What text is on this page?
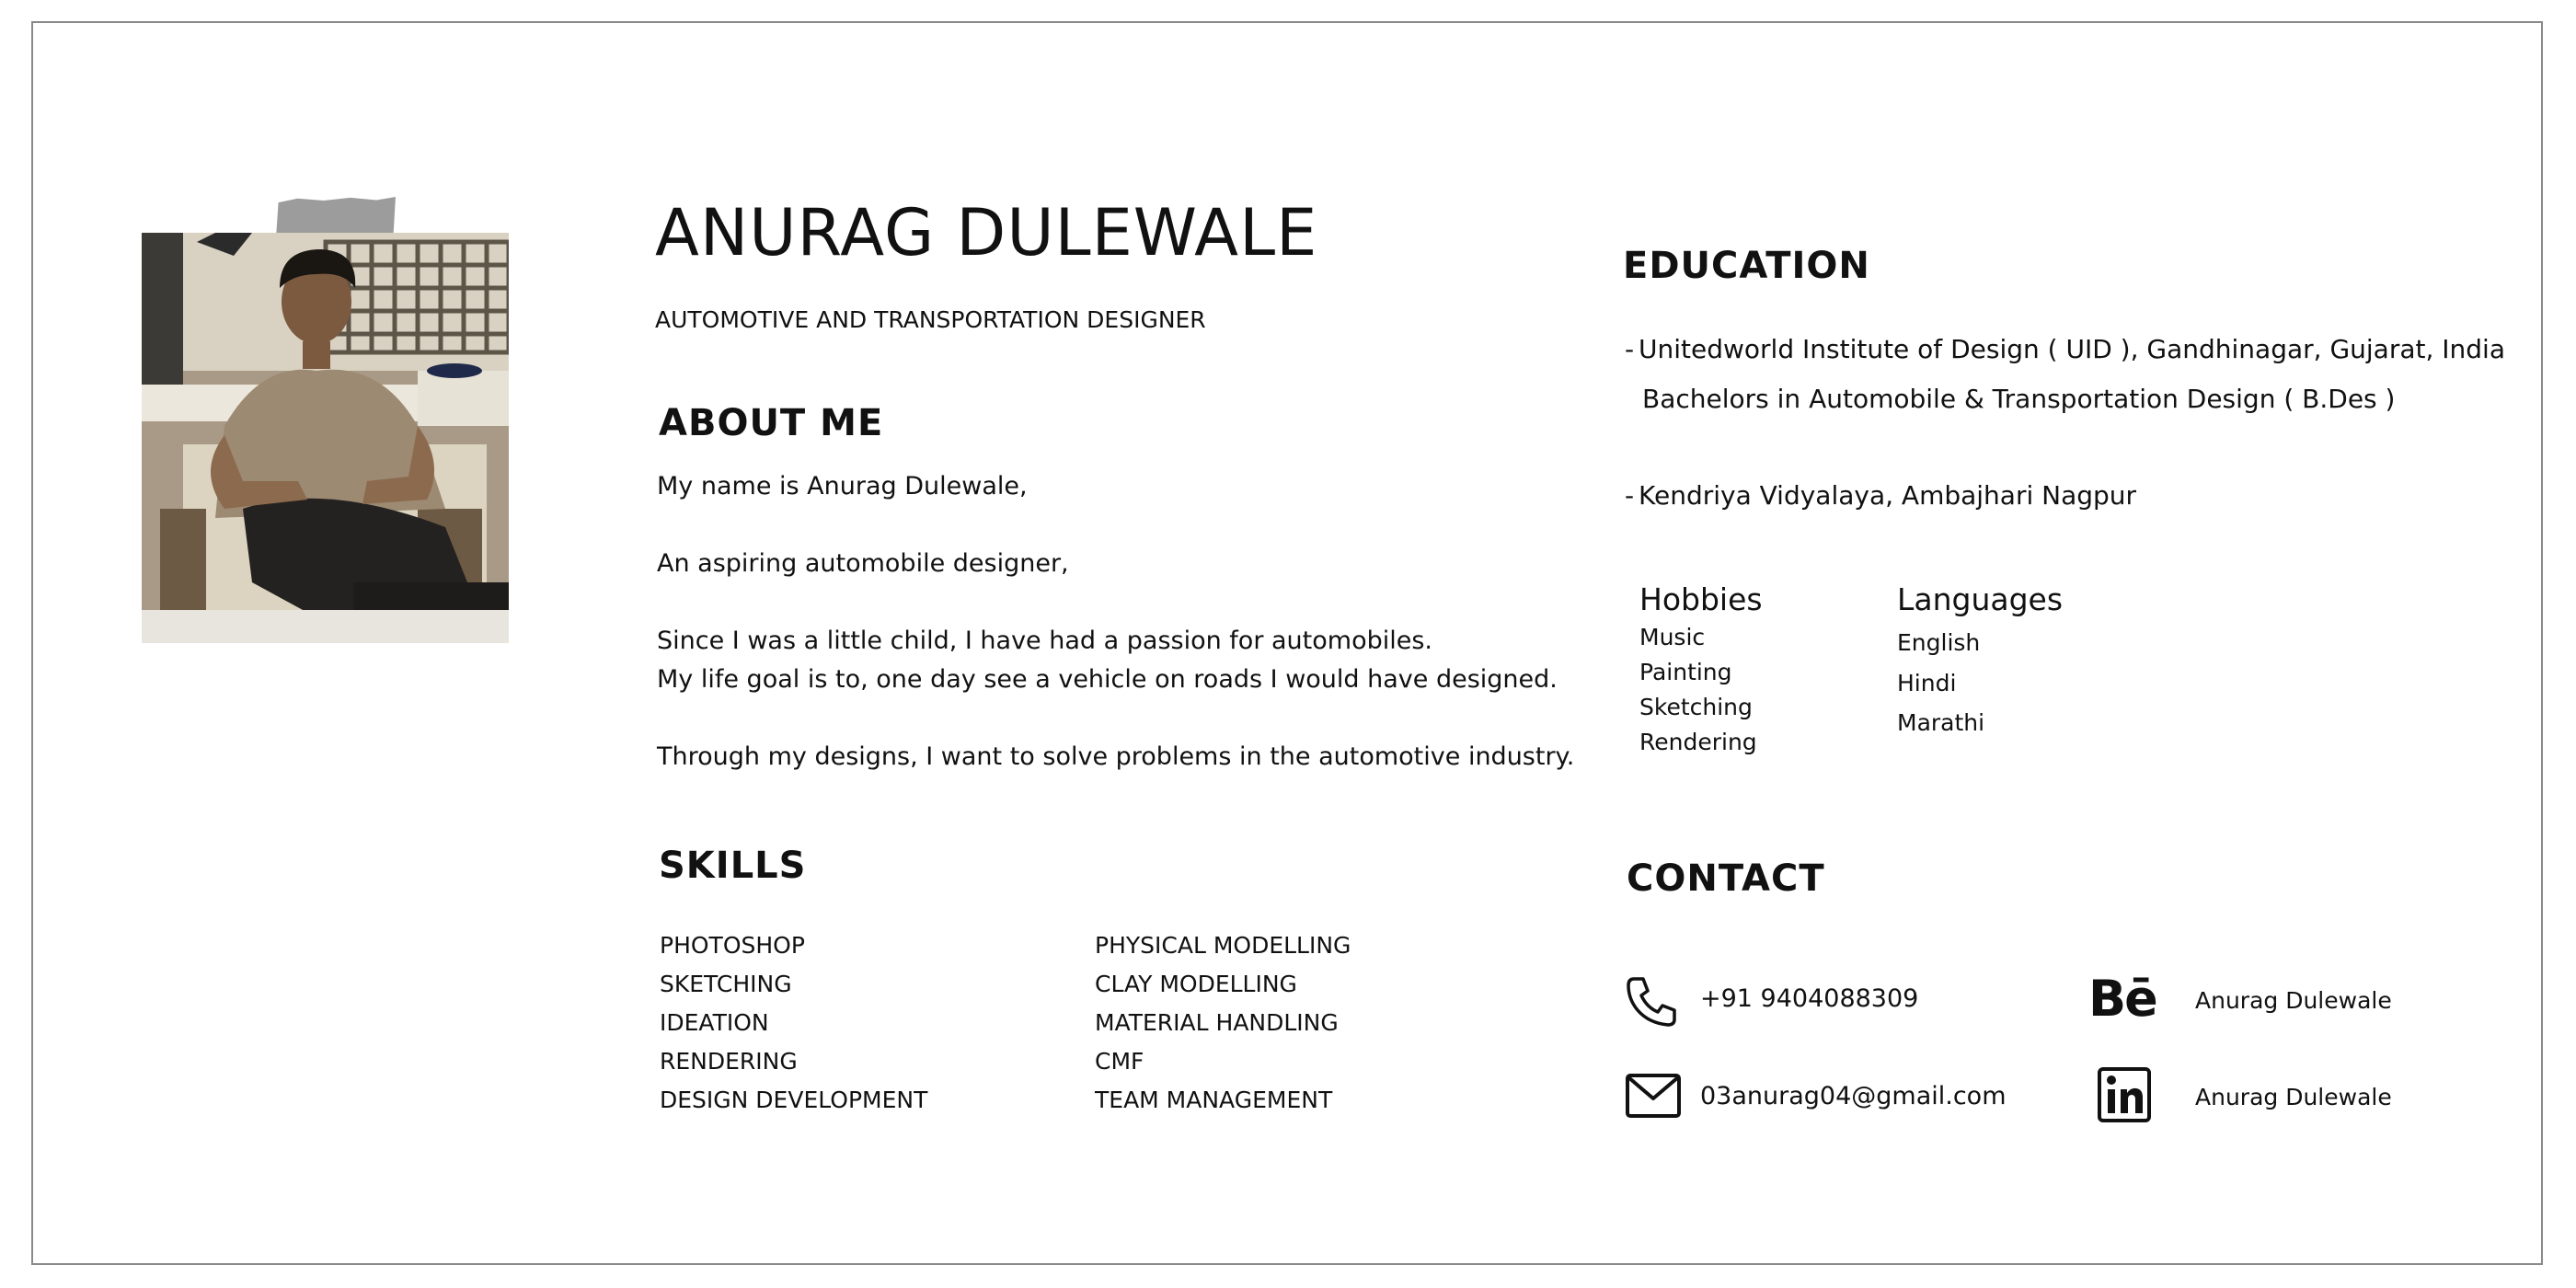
ANURAG DULEWALE
AUTOMOTIVE AND TRANSPORTATION DESIGNER
ABOUT ME
My name is Anurag Dulewale,
An aspiring automobile designer,
Since I was a little child, I have had a passion for automobiles.
My life goal is to, one day see a vehicle on roads I would have designed.
Through my designs, I want to solve problems in the automotive industry.
SKILLS
PHOTOSHOP
SKETCHING
IDEATION
RENDERING
DESIGN DEVELOPMENT
PHYSICAL MODELLING
CLAY MODELLING
MATERIAL HANDLING
CMF
TEAM MANAGEMENT
EDUCATION
- Unitedworld Institute of Design ( UID ), Gandhinagar, Gujarat, India
Bachelors in Automobile & Transportation Design ( B.Des )
- Kendriya Vidyalaya, Ambajhari Nagpur
Hobbies
Music
Painting
Sketching
Rendering
Languages
English
Hindi
Marathi
CONTACT
+91 9404088309
03anurag04@gmail.com
Bē Anurag Dulewale
Anurag Dulewale
